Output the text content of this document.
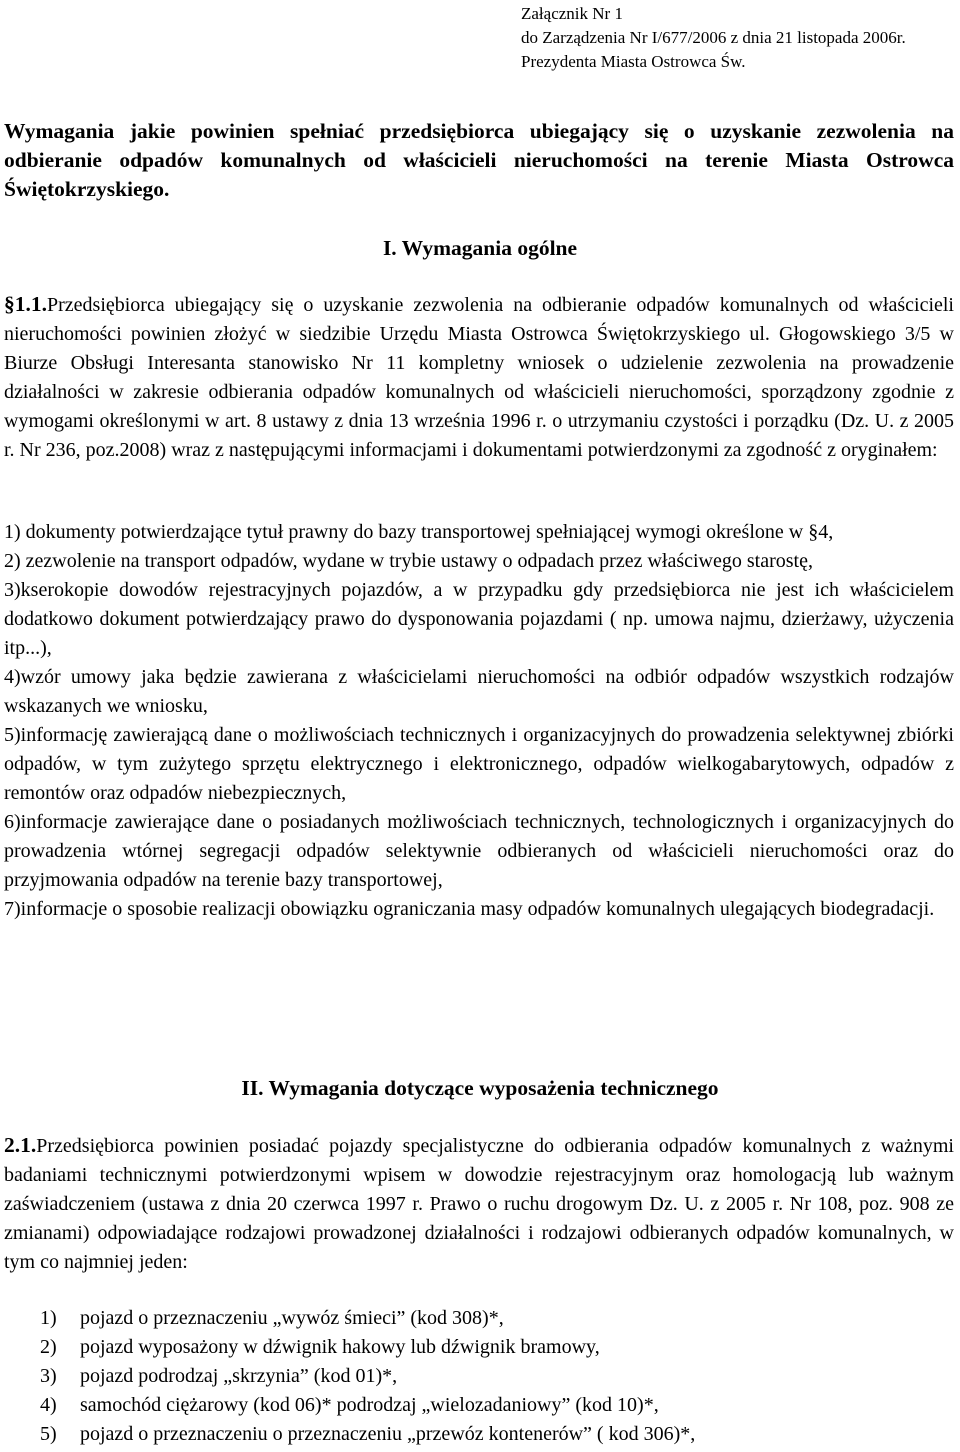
Załącznik Nr 1
do Zarządzenia Nr I/677/2006 z dnia 21 listopada 2006r.
Prezydenta Miasta Ostrowca Św.
Wymagania jakie powinien spełniać przedsiębiorca ubiegający się o uzyskanie zezwolenia na odbieranie odpadów komunalnych od właścicieli nieruchomości na terenie Miasta Ostrowca Świętokrzyskiego.
I. Wymagania ogólne

§1.1.Przedsiębiorca ubiegający się o uzyskanie zezwolenia na odbieranie odpadów komunalnych od właścicieli nieruchomości powinien złożyć w siedzibie Urzędu Miasta Ostrowca Świętokrzyskiego ul. Głogowskiego 3/5 w Biurze Obsługi Interesanta stanowisko Nr 11 kompletny wniosek o udzielenie zezwolenia na prowadzenie działalności w zakresie odbierania odpadów komunalnych od właścicieli nieruchomości, sporządzony zgodnie z wymogami określonymi w art. 8 ustawy z dnia 13 września 1996 r. o utrzymaniu czystości i porządku (Dz. U. z 2005 r. Nr 236, poz.2008) wraz z następującymi informacjami i dokumentami potwierdzonymi za zgodność z oryginałem:

1) dokumenty potwierdzające tytuł prawny do bazy transportowej spełniającej wymogi określone w §4,
2) zezwolenie na transport odpadów, wydane w trybie ustawy o odpadach przez właściwego starostę,
3)kserokopie dowodów rejestracyjnych pojazdów, a w przypadku gdy przedsiębiorca nie jest ich właścicielem dodatkowo dokument potwierdzający prawo do dysponowania pojazdami ( np. umowa najmu, dzierżawy, użyczenia itp...),
4)wzór umowy jaka będzie zawierana z właścicielami nieruchomości na odbiór odpadów wszystkich rodzajów wskazanych we wniosku,
5)informację zawierającą dane o możliwościach technicznych i organizacyjnych do prowadzenia selektywnej zbiórki odpadów, w tym zużytego sprzętu elektrycznego i elektronicznego, odpadów wielkogabarytowych, odpadów z remontów oraz odpadów niebezpiecznych,
6)informacje zawierające dane o posiadanych możliwościach technicznych, technologicznych i organizacyjnych do prowadzenia wtórnej segregacji odpadów selektywnie odbieranych od właścicieli nieruchomości oraz do przyjmowania odpadów na terenie bazy transportowej,
7)informacje o sposobie realizacji obowiązku ograniczania masy odpadów komunalnych ulegających biodegradacji.
II. Wymagania dotyczące wyposażenia technicznego

2.1.Przedsiębiorca powinien posiadać pojazdy specjalistyczne do odbierania odpadów komunalnych z ważnymi badaniami technicznymi potwierdzonymi wpisem w dowodzie rejestracyjnym oraz homologacją lub ważnym zaświadczeniem (ustawa z dnia 20 czerwca 1997 r. Prawo o ruchu drogowym Dz. U. z 2005 r. Nr 108, poz. 908 ze zmianami) odpowiadające rodzajowi prowadzonej działalności i rodzajowi odbieranych odpadów komunalnych, w tym co najmniej jeden:

1) pojazd o przeznaczeniu „wywóz śmieci” (kod 308)*,
2) pojazd wyposażony w dźwignik hakowy lub dźwignik bramowy,
3) pojazd podrodzaj „skrzynia” (kod 01)*,
4) samochód ciężarowy (kod 06)* podrodzaj „wielozadaniowy” (kod 10)*,
5) pojazd o przeznaczeniu o przeznaczeniu „przewóz kontenerów” ( kod 306)*,
